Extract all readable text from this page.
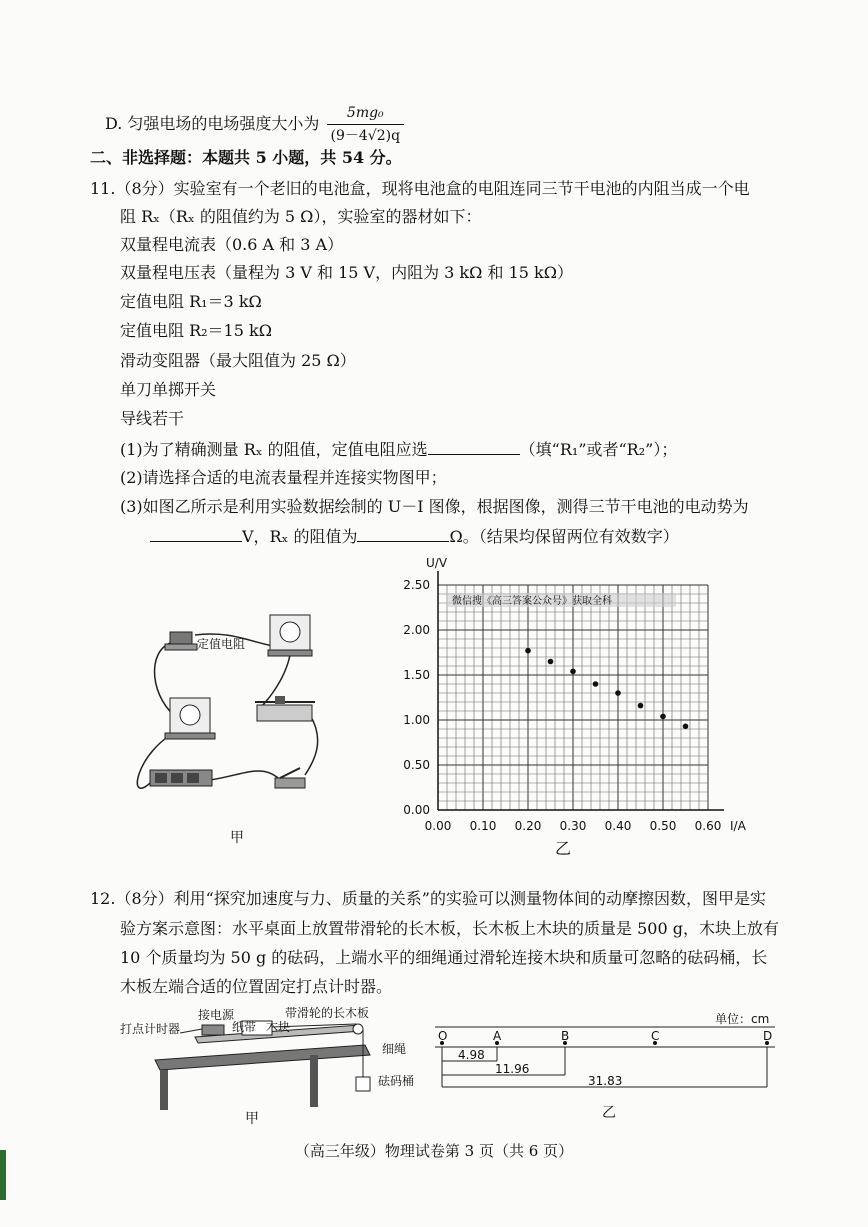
D. 匀强电场的电场强度大小为 $\frac{\text{5mg₀}}{(9-4√2)q}$
二、非选择题：本题共 5 小题，共 54 分。
11.（8分）实验室有一个老旧的电池盒，现将电池盒的电阻连同三节干电池的内阻当成一个电
阻 Rₓ（Rₓ 的阻值约为 5 Ω），实验室的器材如下：
双量程电流表（0.6 A 和 3 A）
双量程电压表（量程为 3 V 和 15 V，内阻为 3 kΩ 和 15 kΩ）
定值电阻 R₁＝3 kΩ
定值电阻 R₂＝15 kΩ
滑动变阻器（最大阻值为 25 Ω）
单刀单掷开关
导线若干
(1)为了精确测量 Rₓ 的阻值，定值电阻应选	（填“R₁”或者“R₂”）；
(2)请选择合适的电流表量程并连接实物图甲；
(3)如图乙所示是利用实验数据绘制的 U－I 图像，根据图像，测得三节干电池的电动势为
V，Rₓ 的阻值为	Ω。（结果均保留两位有效数字）
定值电阻
甲
0.00 0.10 0.20 0.30 0.40 0.50 0.60
0.00
0.50
1.00
1.50
2.00
2.50
U/V
I/A
微信搜《高三答案公众号》获取全科
乙
12.（8分）利用“探究加速度与力、质量的关系”的实验可以测量物体间的动摩擦因数，图甲是实
验方案示意图：水平桌面上放置带滑轮的长木板，长木板上木块的质量是 500 g，木块上放有
10 个质量均为 50 g 的砝码，上端水平的细绳通过滑轮连接木块和质量可忽略的砝码桶，长
木板左端合适的位置固定打点计时器。
接电源
纸带 木块
带滑轮的长木板
打点计时器
细绳
砝码桶
甲
单位：cm
O	A	B	C	D
4.98
11.96
31.83
乙
（高三年级）物理试卷第 3 页（共 6 页）
